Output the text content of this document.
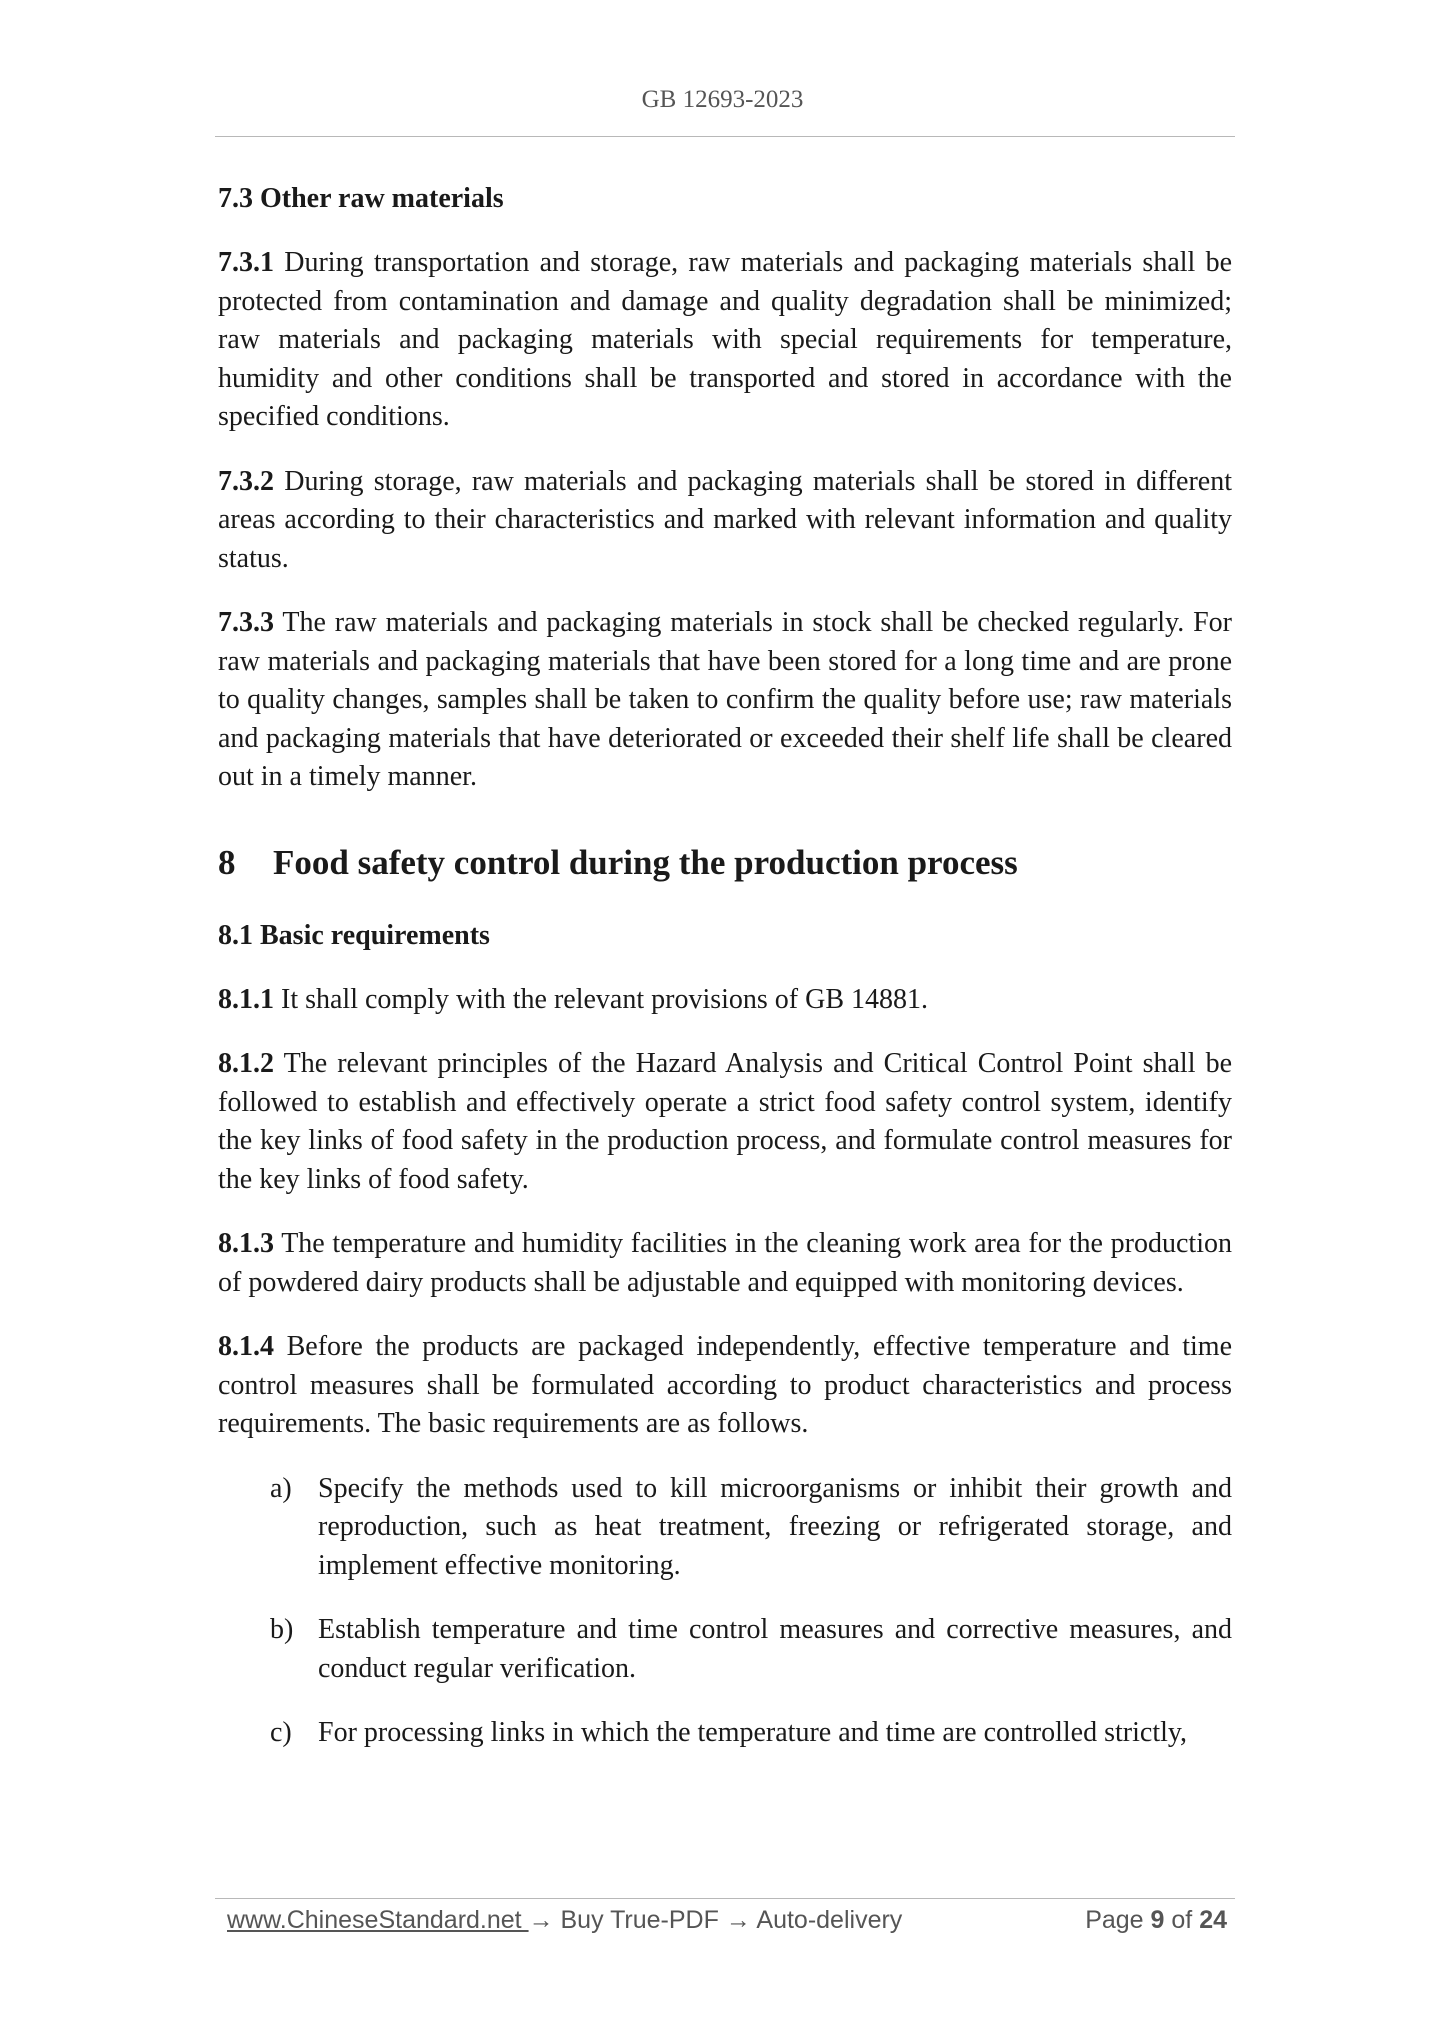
GB 12693-2023
7.3 Other raw materials

7.3.1 During transportation and storage, raw materials and packaging materials shall be protected from contamination and damage and quality degradation shall be minimized; raw materials and packaging materials with special requirements for temperature, humidity and other conditions shall be transported and stored in accordance with the specified conditions.

7.3.2 During storage, raw materials and packaging materials shall be stored in different areas according to their characteristics and marked with relevant information and quality status.

7.3.3 The raw materials and packaging materials in stock shall be checked regularly. For raw materials and packaging materials that have been stored for a long time and are prone to quality changes, samples shall be taken to confirm the quality before use; raw materials and packaging materials that have deteriorated or exceeded their shelf life shall be cleared out in a timely manner.

8	Food safety control during the production process
8.1 Basic requirements

8.1.1 It shall comply with the relevant provisions of GB 14881.

8.1.2 The relevant principles of the Hazard Analysis and Critical Control Point shall be followed to establish and effectively operate a strict food safety control system, identify the key links of food safety in the production process, and formulate control measures for the key links of food safety.

8.1.3 The temperature and humidity facilities in the cleaning work area for the production of powdered dairy products shall be adjustable and equipped with monitoring devices.

8.1.4 Before the products are packaged independently, effective temperature and time control measures shall be formulated according to product characteristics and process requirements. The basic requirements are as follows.

a) Specify the methods used to kill microorganisms or inhibit their growth and reproduction, such as heat treatment, freezing or refrigerated storage, and implement effective monitoring.
b) Establish temperature and time control measures and corrective measures, and conduct regular verification.
c) For processing links in which the temperature and time are controlled strictly,
www.ChineseStandard.net → Buy True-PDF → Auto-delivery	Page 9 of 24
